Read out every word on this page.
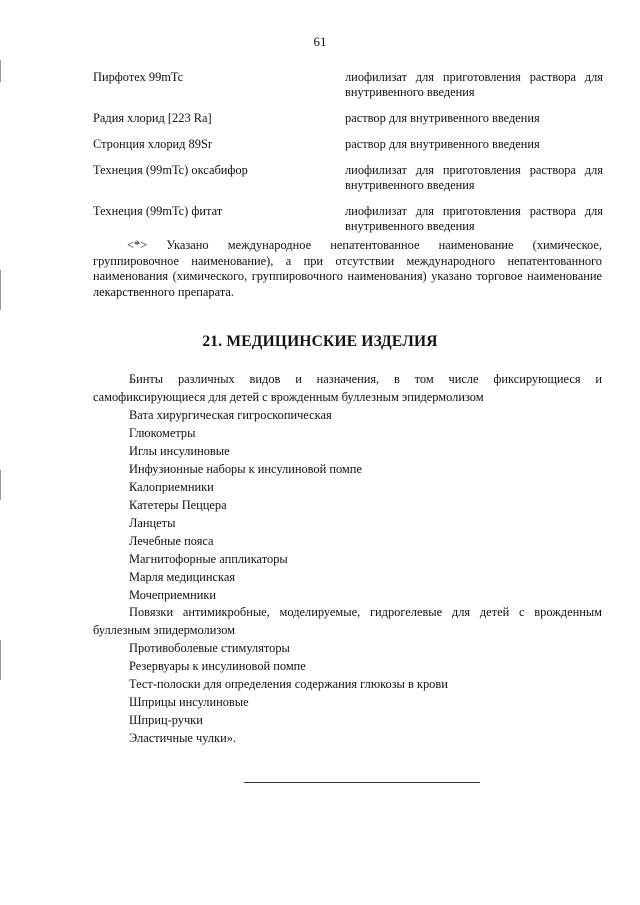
61
Пирфотех 99mTc	лиофилизат для приготовления раствора для внутривенного введения
Радия хлорид [223 Ra]	раствор для внутривенного введения
Стронция хлорид 89Sr	раствор для внутривенного введения
Технеция (99mTc) оксабифор	лиофилизат для приготовления раствора для внутривенного введения
Технеция (99mTc) фитат	лиофилизат для приготовления раствора для внутривенного введения
<*> Указано международное непатентованное наименование (химическое, группировочное наименование), а при отсутствии международного непатентованного наименования (химического, группировочного наименования) указано торговое наименование лекарственного препарата.
21. МЕДИЦИНСКИЕ ИЗДЕЛИЯ
Бинты различных видов и назначения, в том числе фиксирующиеся и самофиксирующиеся для детей с врожденным буллезным эпидермолизом
Вата хирургическая гигроскопическая
Глюкометры
Иглы инсулиновые
Инфузионные наборы к инсулиновой помпе
Калоприемники
Катетеры Пеццера
Ланцеты
Лечебные пояса
Магнитофорные аппликаторы
Марля медицинская
Мочеприемники
Повязки антимикробные, моделируемые, гидрогелевые для детей с врожденным буллезным эпидермолизом
Противоболевые стимуляторы
Резервуары к инсулиновой помпе
Тест-полоски для определения содержания глюкозы в крови
Шприцы инсулиновые
Шприц-ручки
Эластичные чулки».
